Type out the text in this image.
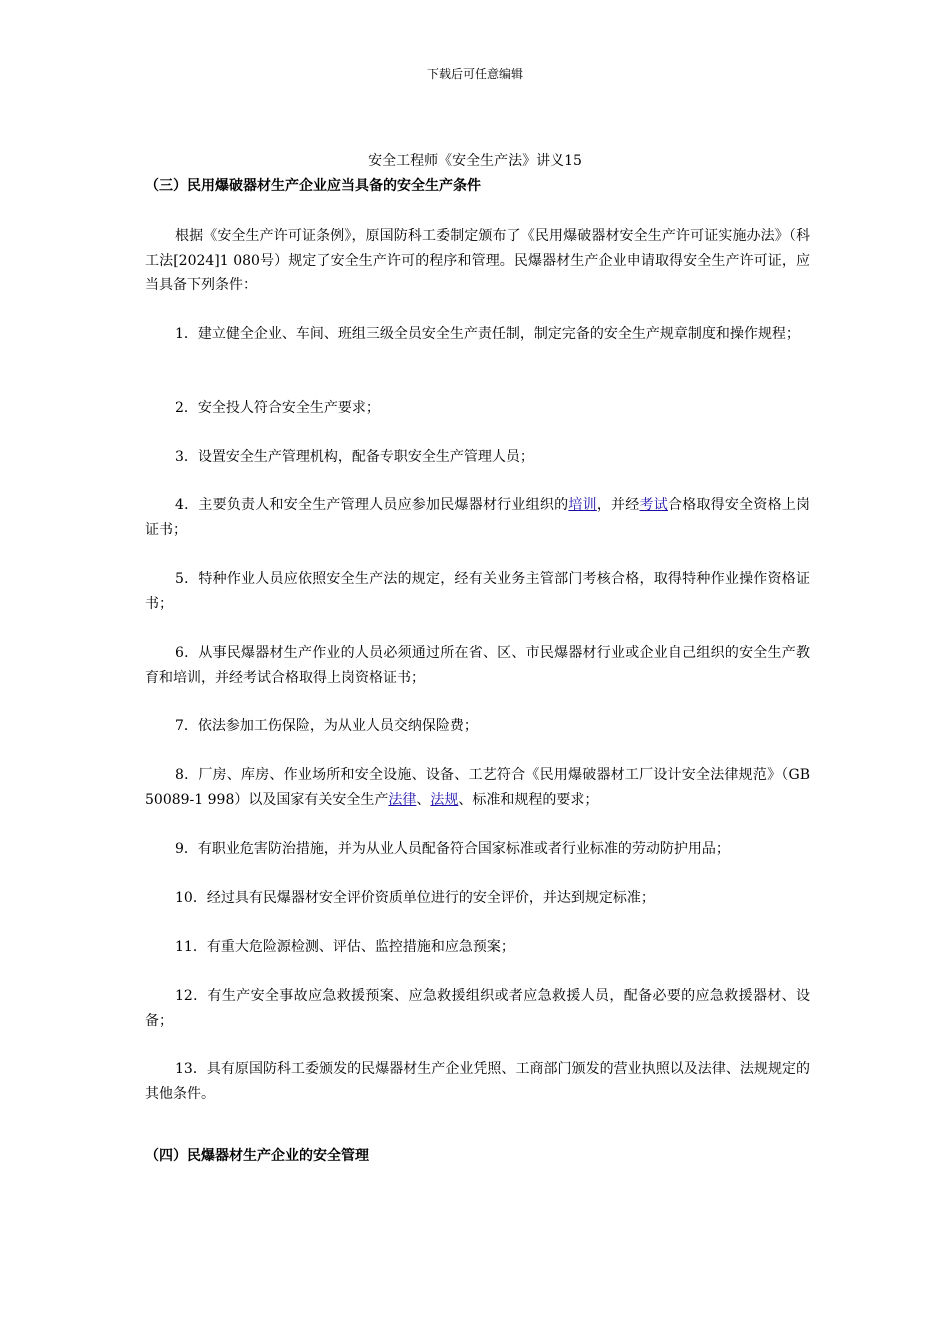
下载后可任意编辑
安全工程师《安全生产法》讲义15
（三）民用爆破器材生产企业应当具备的安全生产条件

根据《安全生产许可证条例》，原国防科工委制定颁布了《民用爆破器材安全生产许可证实施办法》（科工法[2024]1 080号）规定了安全生产许可的程序和管理。民爆器材生产企业申请取得安全生产许可证，应当具备下列条件：

1．建立健全企业、车间、班组三级全员安全生产责任制，制定完备的安全生产规章制度和操作规程；

2．安全投人符合安全生产要求；

3．设置安全生产管理机构，配备专职安全生产管理人员；

4．主要负责人和安全生产管理人员应参加民爆器材行业组织的培训，并经考试合格取得安全资格上岗证书；

5．特种作业人员应依照安全生产法的规定，经有关业务主管部门考核合格，取得特种作业操作资格证书；

6．从事民爆器材生产作业的人员必须通过所在省、区、市民爆器材行业或企业自己组织的安全生产教育和培训，并经考试合格取得上岗资格证书；

7．依法参加工伤保险，为从业人员交纳保险费；

8．厂房、库房、作业场所和安全设施、设备、工艺符合《民用爆破器材工厂设计安全法律规范》（GB 50089-1 998）以及国家有关安全生产法律、法规、标准和规程的要求；

9．有职业危害防治措施，并为从业人员配备符合国家标准或者行业标准的劳动防护用品；

10．经过具有民爆器材安全评价资质单位进行的安全评价，并达到规定标准；

11．有重大危险源检测、评估、监控措施和应急预案；

12．有生产安全事故应急救援预案、应急救援组织或者应急救援人员，配备必要的应急救援器材、设备；

13．具有原国防科工委颁发的民爆器材生产企业凭照、工商部门颁发的营业执照以及法律、法规规定的其他条件。

（四）民爆器材生产企业的安全管理
